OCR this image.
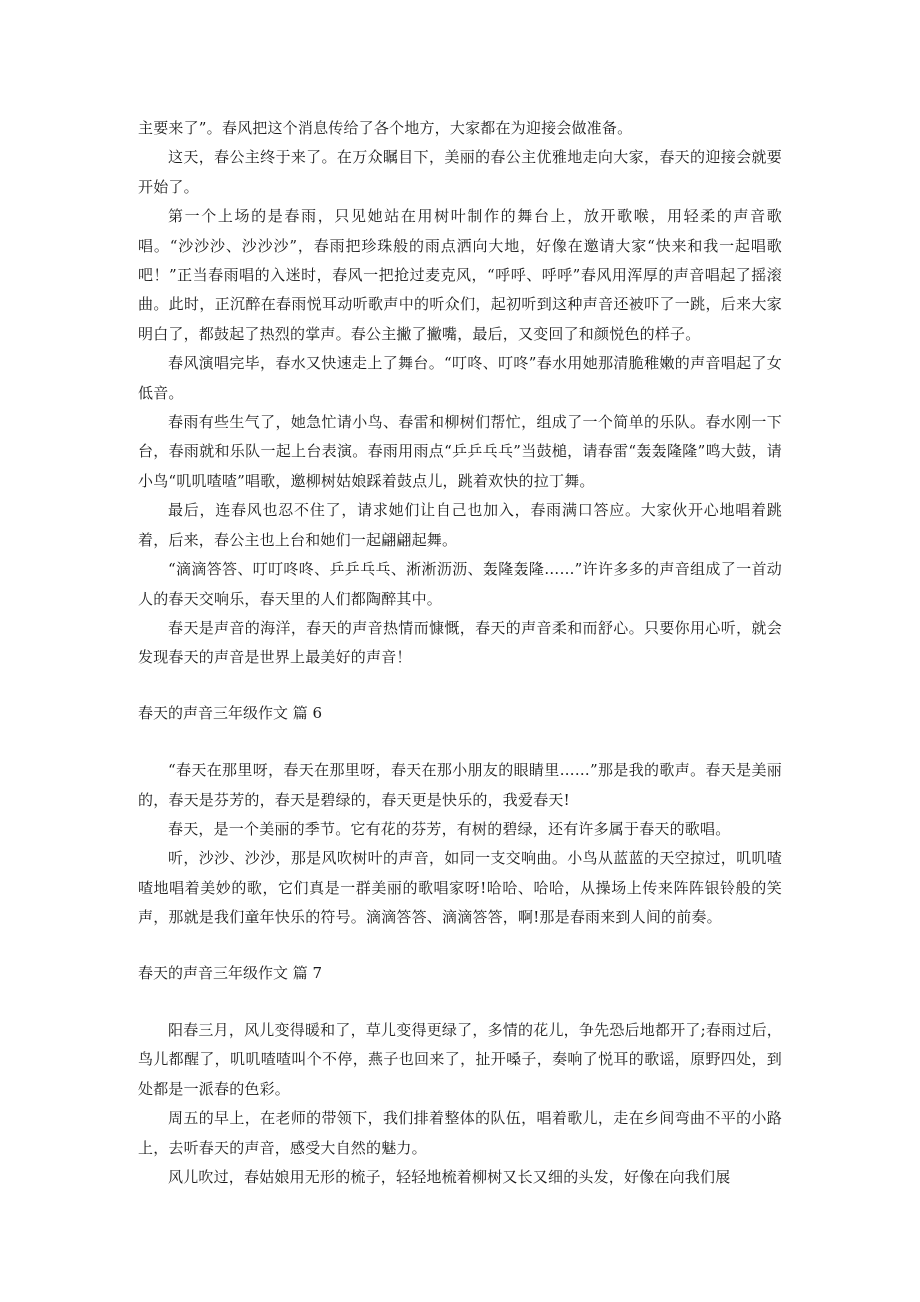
主要来了”。春风把这个消息传给了各个地方，大家都在为迎接会做准备。

这天，春公主终于来了。在万众瞩目下，美丽的春公主优雅地走向大家，春天的迎接会就要开始了。

第一个上场的是春雨，只见她站在用树叶制作的舞台上，放开歌喉，用轻柔的声音歌唱。“沙沙沙、沙沙沙”，春雨把珍珠般的雨点洒向大地，好像在邀请大家“快来和我一起唱歌吧！”正当春雨唱的入迷时，春风一把抢过麦克风，“呼呼、呼呼”春风用浑厚的声音唱起了摇滚曲。此时，正沉醉在春雨悦耳动听歌声中的听众们，起初听到这种声音还被吓了一跳，后来大家明白了，都鼓起了热烈的掌声。春公主撇了撇嘴，最后，又变回了和颜悦色的样子。

春风演唱完毕，春水又快速走上了舞台。“叮咚、叮咚”春水用她那清脆稚嫩的声音唱起了女低音。

春雨有些生气了，她急忙请小鸟、春雷和柳树们帮忙，组成了一个简单的乐队。春水刚一下台，春雨就和乐队一起上台表演。春雨用雨点“乒乒乓乓”当鼓槌，请春雷“轰轰隆隆”鸣大鼓，请小鸟“叽叽喳喳”唱歌，邀柳树姑娘踩着鼓点儿，跳着欢快的拉丁舞。

最后，连春风也忍不住了，请求她们让自己也加入，春雨满口答应。大家伙开心地唱着跳着，后来，春公主也上台和她们一起翩翩起舞。

“滴滴答答、叮叮咚咚、乒乒乓乓、淅淅沥沥、轰隆轰隆……”许许多多的声音组成了一首动人的春天交响乐，春天里的人们都陶醉其中。

春天是声音的海洋，春天的声音热情而慷慨，春天的声音柔和而舒心。只要你用心听，就会发现春天的声音是世界上最美好的声音！

春天的声音三年级作文 篇 6

“春天在那里呀，春天在那里呀，春天在那小朋友的眼睛里……”那是我的歌声。春天是美丽的，春天是芬芳的，春天是碧绿的，春天更是快乐的，我爱春天!

春天，是一个美丽的季节。它有花的芬芳，有树的碧绿，还有许多属于春天的歌唱。

听，沙沙、沙沙，那是风吹树叶的声音，如同一支交响曲。小鸟从蓝蓝的天空掠过，叽叽喳喳地唱着美妙的歌，它们真是一群美丽的歌唱家呀!哈哈、哈哈，从操场上传来阵阵银铃般的笑声，那就是我们童年快乐的符号。滴滴答答、滴滴答答，啊!那是春雨来到人间的前奏。

春天的声音三年级作文 篇 7

阳春三月，风儿变得暖和了，草儿变得更绿了，多情的花儿，争先恐后地都开了;春雨过后，鸟儿都醒了，叽叽喳喳叫个不停，燕子也回来了，扯开嗓子，奏响了悦耳的歌谣，原野四处，到处都是一派春的色彩。

周五的早上，在老师的带领下，我们排着整体的队伍，唱着歌儿，走在乡间弯曲不平的小路上，去听春天的声音，感受大自然的魅力。

风儿吹过，春姑娘用无形的梳子，轻轻地梳着柳树又长又细的头发，好像在向我们展
